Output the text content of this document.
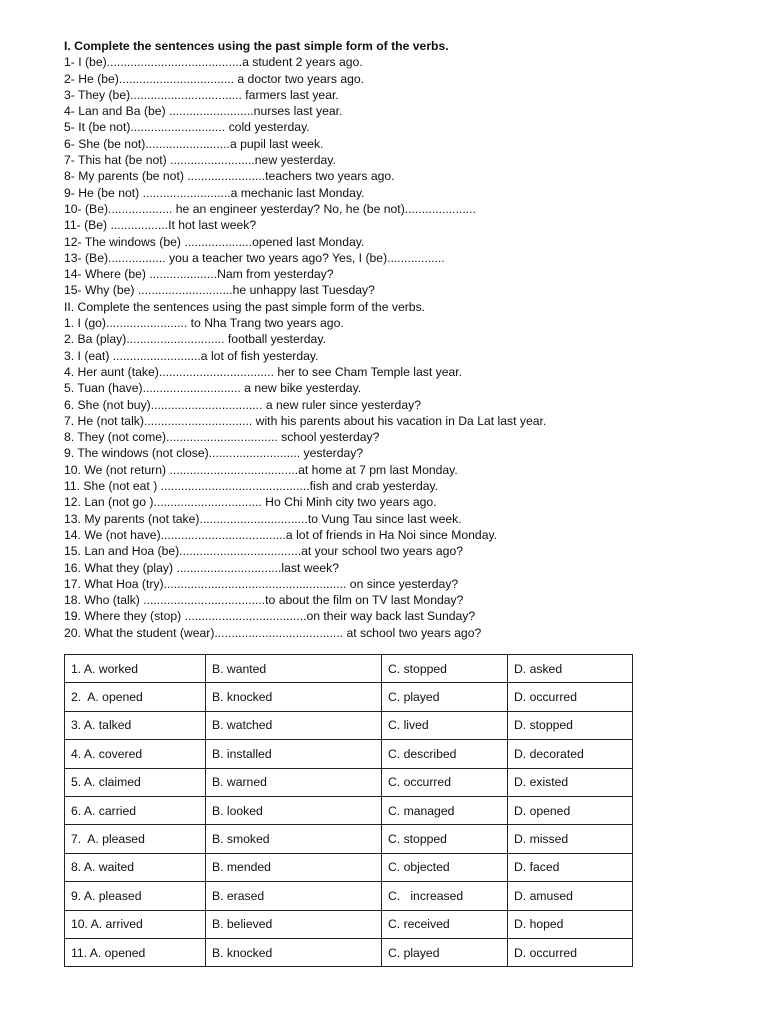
I. Complete the sentences using the past simple form of the verbs.
1- I (be)........................................a student 2 years ago.
2- He (be).................................. a doctor two years ago.
3- They (be)................................. farmers last year.
4- Lan and Ba (be) .........................nurses last year.
5- It (be not)............................ cold yesterday.
6- She (be not).........................a pupil last week.
7- This hat (be not) .........................new yesterday.
8- My parents (be not) .......................teachers two years ago.
9- He (be not) ..........................a mechanic last Monday.
10- (Be)................... he an engineer yesterday? No, he (be not).....................
11- (Be) .................It hot last week?
12- The windows (be) ....................opened last Monday.
13- (Be)................. you a teacher two years ago? Yes, I (be).................
14- Where (be) ....................Nam from yesterday?
15- Why (be) ............................he unhappy last Tuesday?
II. Complete the sentences using the past simple form of the verbs.
1. I (go)........................ to Nha Trang two years ago.
2. Ba (play)............................. football yesterday.
3. I (eat) ..........................a lot of fish yesterday.
4. Her aunt (take).................................. her to see Cham Temple last year.
5. Tuan (have)............................. a new bike yesterday.
6. She (not buy)................................. a new ruler since yesterday?
7. He (not talk)................................ with his parents about his vacation in Da Lat last year.
8. They (not come)................................. school yesterday?
9. The windows (not close)........................... yesterday?
10. We (not return) ......................................at home at 7 pm last Monday.
11. She (not eat ) ............................................fish and crab yesterday.
12. Lan (not go )................................ Ho Chi Minh city two years ago.
13. My parents (not take)................................to Vung Tau since last week.
14. We (not have).....................................a lot of friends in Ha Noi since Monday.
15. Lan and Hoa (be)....................................at your school two years ago?
16. What they (play) ...............................last week?
17. What Hoa (try)...................................................... on since yesterday?
18. Who (talk) ....................................to about the film on TV last Monday?
19. Where they (stop) ....................................on their way back last Sunday?
20. What the student (wear)...................................... at school two years ago?
1. A. worked	B. wanted	C. stopped	D. asked
2.  A. opened	B. knocked	C. played	D. occurred
3. A. talked	B. watched	C. lived	D. stopped
4. A. covered	B. installed	C. described	D. decorated
5. A. claimed	B. warned	C. occurred	D. existed
6. A. carried	B. looked	C. managed	D. opened
7.  A. pleased	B. smoked	C. stopped	D. missed
8. A. waited	B. mended	C. objected	D. faced
9. A. pleased	B. erased	C.   increased	D. amused
10. A. arrived	B. believed	C. received	D. hoped
11. A. opened	B. knocked	C. played	D. occurred
